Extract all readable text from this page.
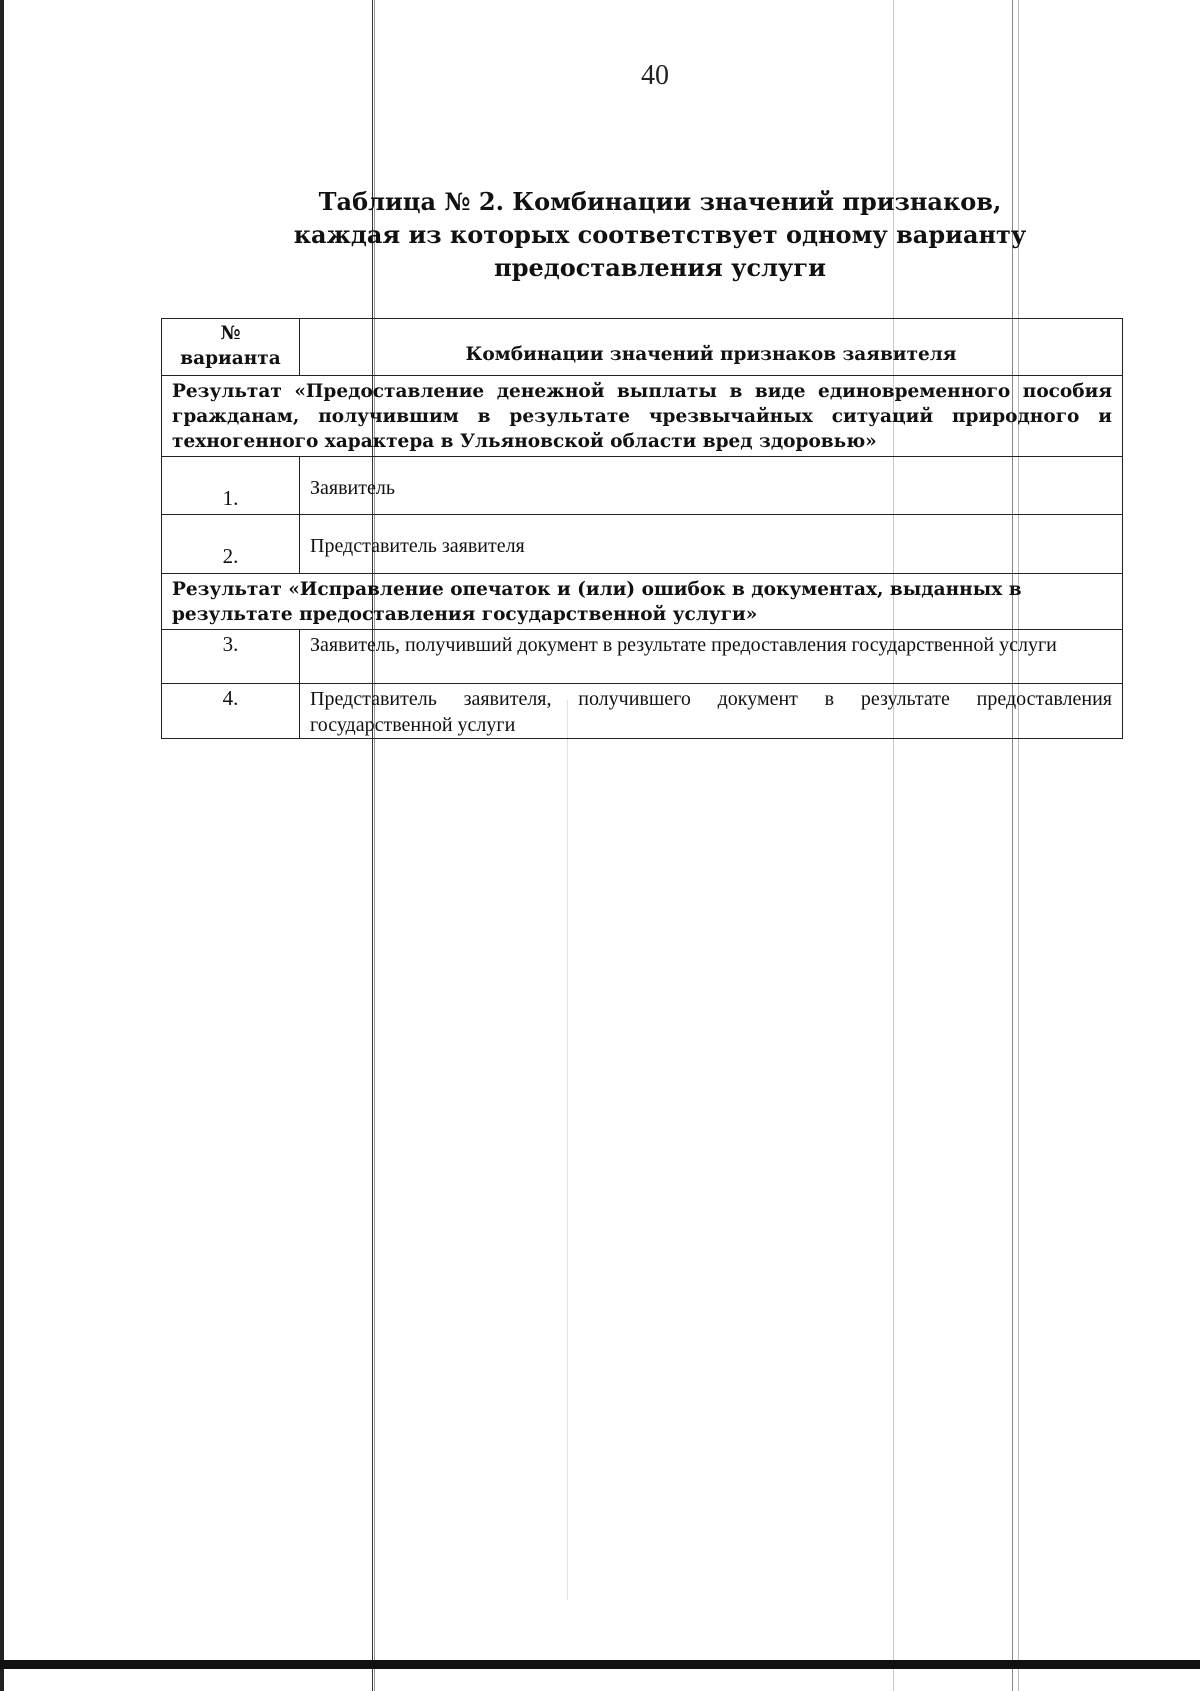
40
Таблица № 2. Комбинации значений признаков,
каждая из которых соответствует одному варианту
предоставления услуги
№
варианта	Комбинации значений признаков заявителя
Результат «Предоставление денежной выплаты в виде единовременного пособия гражданам, получившим в результате чрезвычайных ситуаций природного и техногенного характера в Ульяновской области вред здоровью»	
1.	Заявитель
2.	Представитель заявителя
Результат «Исправление опечаток и (или) ошибок в документах, выданных в результате предоставления государственной услуги»	
3.	Заявитель, получивший документ в результате предоставления государственной услуги
4.	Представитель заявителя, получившего документ в результате предоставления государственной услуги
